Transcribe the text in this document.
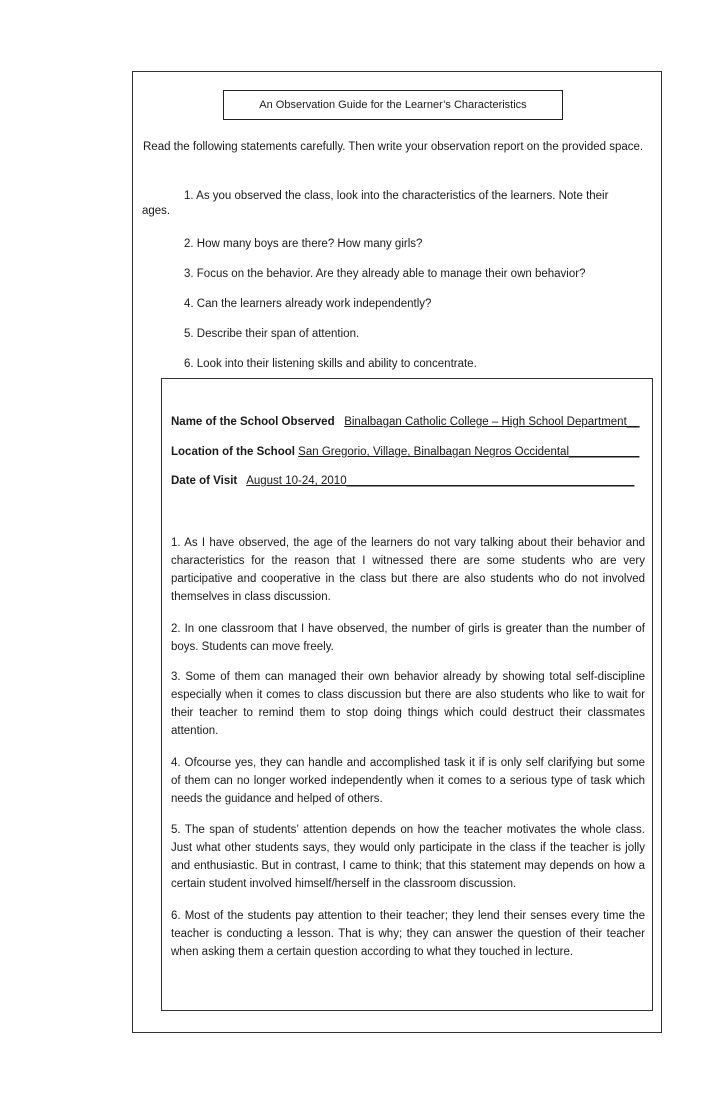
An Observation Guide for the Learner’s Characteristics
Read the following statements carefully. Then write your observation report on the provided space.
1. As you observed the class, look into the characteristics of the learners. Note their
ages.
2. How many boys are there? How many girls?
3. Focus on the behavior. Are they already able to manage their own behavior?
4. Can the learners already work independently?
5. Describe their span of attention.
6. Look into their listening skills and ability to concentrate.
Name of the School Observed Binalbagan Catholic College – High School Department__
Location of the School San Gregorio, Village, Binalbagan Negros Occidental___________
Date of Visit August 10-24, 2010_____________________________________________
1. As I have observed, the age of the learners do not vary talking about their behavior and characteristics for the reason that I witnessed there are some students who are very participative and cooperative in the class but there are also students who do not involved themselves in class discussion.
2. In one classroom that I have observed, the number of girls is greater than the number of boys. Students can move freely.
3. Some of them can managed their own behavior already by showing total self-discipline especially when it comes to class discussion but there are also students who like to wait for their teacher to remind them to stop doing things which could destruct their classmates attention.
4. Ofcourse yes, they can handle and accomplished task it if is only self clarifying but some of them can no longer worked independently when it comes to a serious type of task which needs the guidance and helped of others.
5. The span of students’ attention depends on how the teacher motivates the whole class. Just what other students says, they would only participate in the class if the teacher is jolly and enthusiastic. But in contrast, I came to think; that this statement may depends on how a certain student involved himself/herself in the classroom discussion.
6. Most of the students pay attention to their teacher; they lend their senses every time the teacher is conducting a lesson. That is why; they can answer the question of their teacher when asking them a certain question according to what they touched in lecture.
